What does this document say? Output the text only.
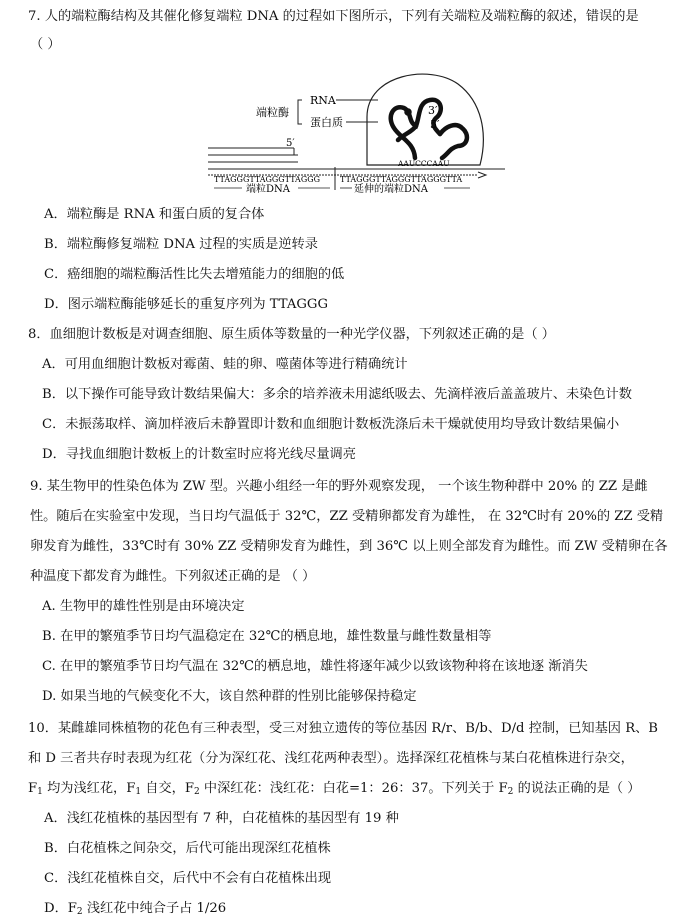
7. 人的端粒酶结构及其催化修复端粒 DNA 的过程如下图所示，下列有关端粒及端粒酶的叙述，错误的是
（ ）
3′
5′
AAUCCCAAU
端粒酶
RNA
蛋白质
5′
TTAGGGTTAGGGTTAGGG	TTAGGGTTAGGGTTAGGGTTA
端粒DNA	延伸的端粒DNA
A．端粒酶是 RNA 和蛋白质的复合体
B．端粒酶修复端粒 DNA 过程的实质是逆转录
C．癌细胞的端粒酶活性比失去增殖能力的细胞的低
D．图示端粒酶能够延长的重复序列为 TTAGGG
8．血细胞计数板是对调查细胞、原生质体等数量的一种光学仪器，下列叙述正确的是（ ）
A．可用血细胞计数板对霉菌、蛙的卵、噬菌体等进行精确统计
B．以下操作可能导致计数结果偏大：多余的培养液未用滤纸吸去、先滴样液后盖盖玻片、未染色计数
C．未振荡取样、滴加样液后未静置即计数和血细胞计数板洗涤后未干燥就使用均导致计数结果偏小
D．寻找血细胞计数板上的计数室时应将光线尽量调亮
9. 某生物甲的性染色体为 ZW 型。兴趣小组经一年的野外观察发现， 一个该生物种群中 20% 的 ZZ 是雌
性。随后在实验室中发现，当日均气温低于 32℃，ZZ 受精卵都发育为雄性， 在 32℃时有 20%的 ZZ 受精
卵发育为雌性，33℃时有 30% ZZ 受精卵发育为雌性，到 36℃ 以上则全部发育为雌性。而 ZW 受精卵在各
种温度下都发育为雌性。下列叙述正确的是 （ ）
A. 生物甲的雄性性别是由环境决定
B. 在甲的繁殖季节日均气温稳定在 32℃的栖息地，雄性数量与雌性数量相等
C. 在甲的繁殖季节日均气温在 32℃的栖息地，雄性将逐年减少以致该物种将在该地逐 渐消失
D. 如果当地的气候变化不大，该自然种群的性别比能够保持稳定
10．某雌雄同株植物的花色有三种表型，受三对独立遗传的等位基因 R/r、B/b、D/d 控制，已知基因 R、B
和 D 三者共存时表现为红花（分为深红花、浅红花两种表型）。选择深红花植株与某白花植株进行杂交，
$F_1$ 均为浅红花，$F_1$ 自交，$F_2$ 中深红花：浅红花：白花=1：26：37。下列关于 $F_2$ 的说法正确的是（ ）
A．浅红花植株的基因型有 7 种，白花植株的基因型有 19 种
B．白花植株之间杂交，后代可能出现深红花植株
C．浅红花植株自交，后代中不会有白花植株出现
D．$F_2$ 浅红花中纯合子占 1/26
